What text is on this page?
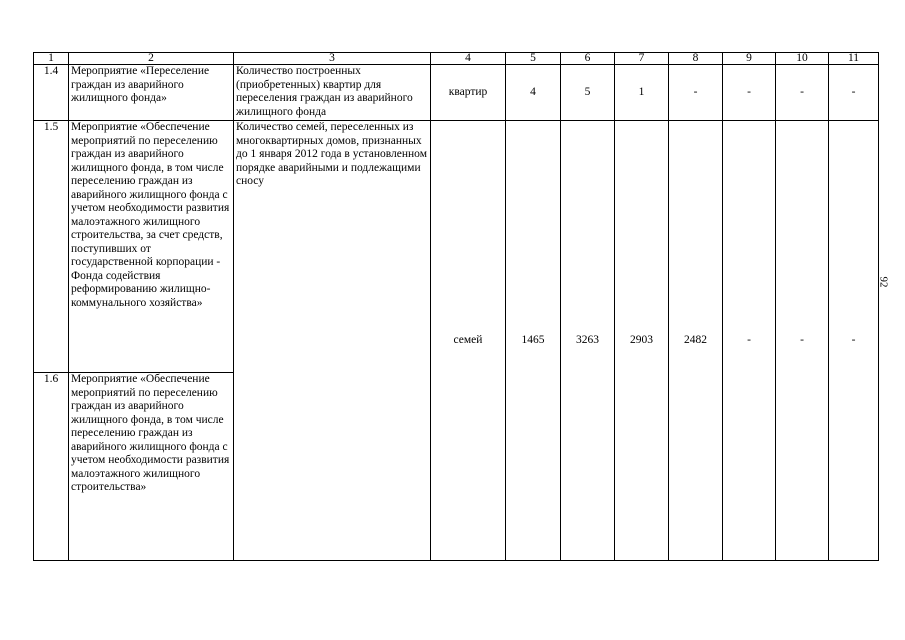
1	2	3	4	5	6	7	8	9	10	11
1.4	Мероприятие «Переселение граждан из аварийного жилищного фонда»	Количество построенных (приобретенных) квартир для переселения граждан из аварийного жилищного фонда	квартир	4	5	1	-	-	-	-
1.5	Мероприятие «Обеспечение мероприятий по переселению граждан из аварийного жилищного фонда, в том числе переселению граждан из аварийного жилищного фонда с учетом необходимости развития малоэтажного жилищного строительства, за счет средств, поступивших от государственной корпорации - Фонда содействия реформированию жилищно-коммунального хозяйства»	Количество семей, переселенных из многоквартирных домов, признанных до 1 января 2012 года в установленном порядке аварийными и подлежащими сносу	семей	1465	3263	2903	2482	-	-	-
1.6	Мероприятие «Обеспечение мероприятий по переселению граждан из аварийного жилищного фонда, в том числе переселению граждан из аварийного жилищного фонда с учетом необходимости развития малоэтажного жилищного строительства»									
92
